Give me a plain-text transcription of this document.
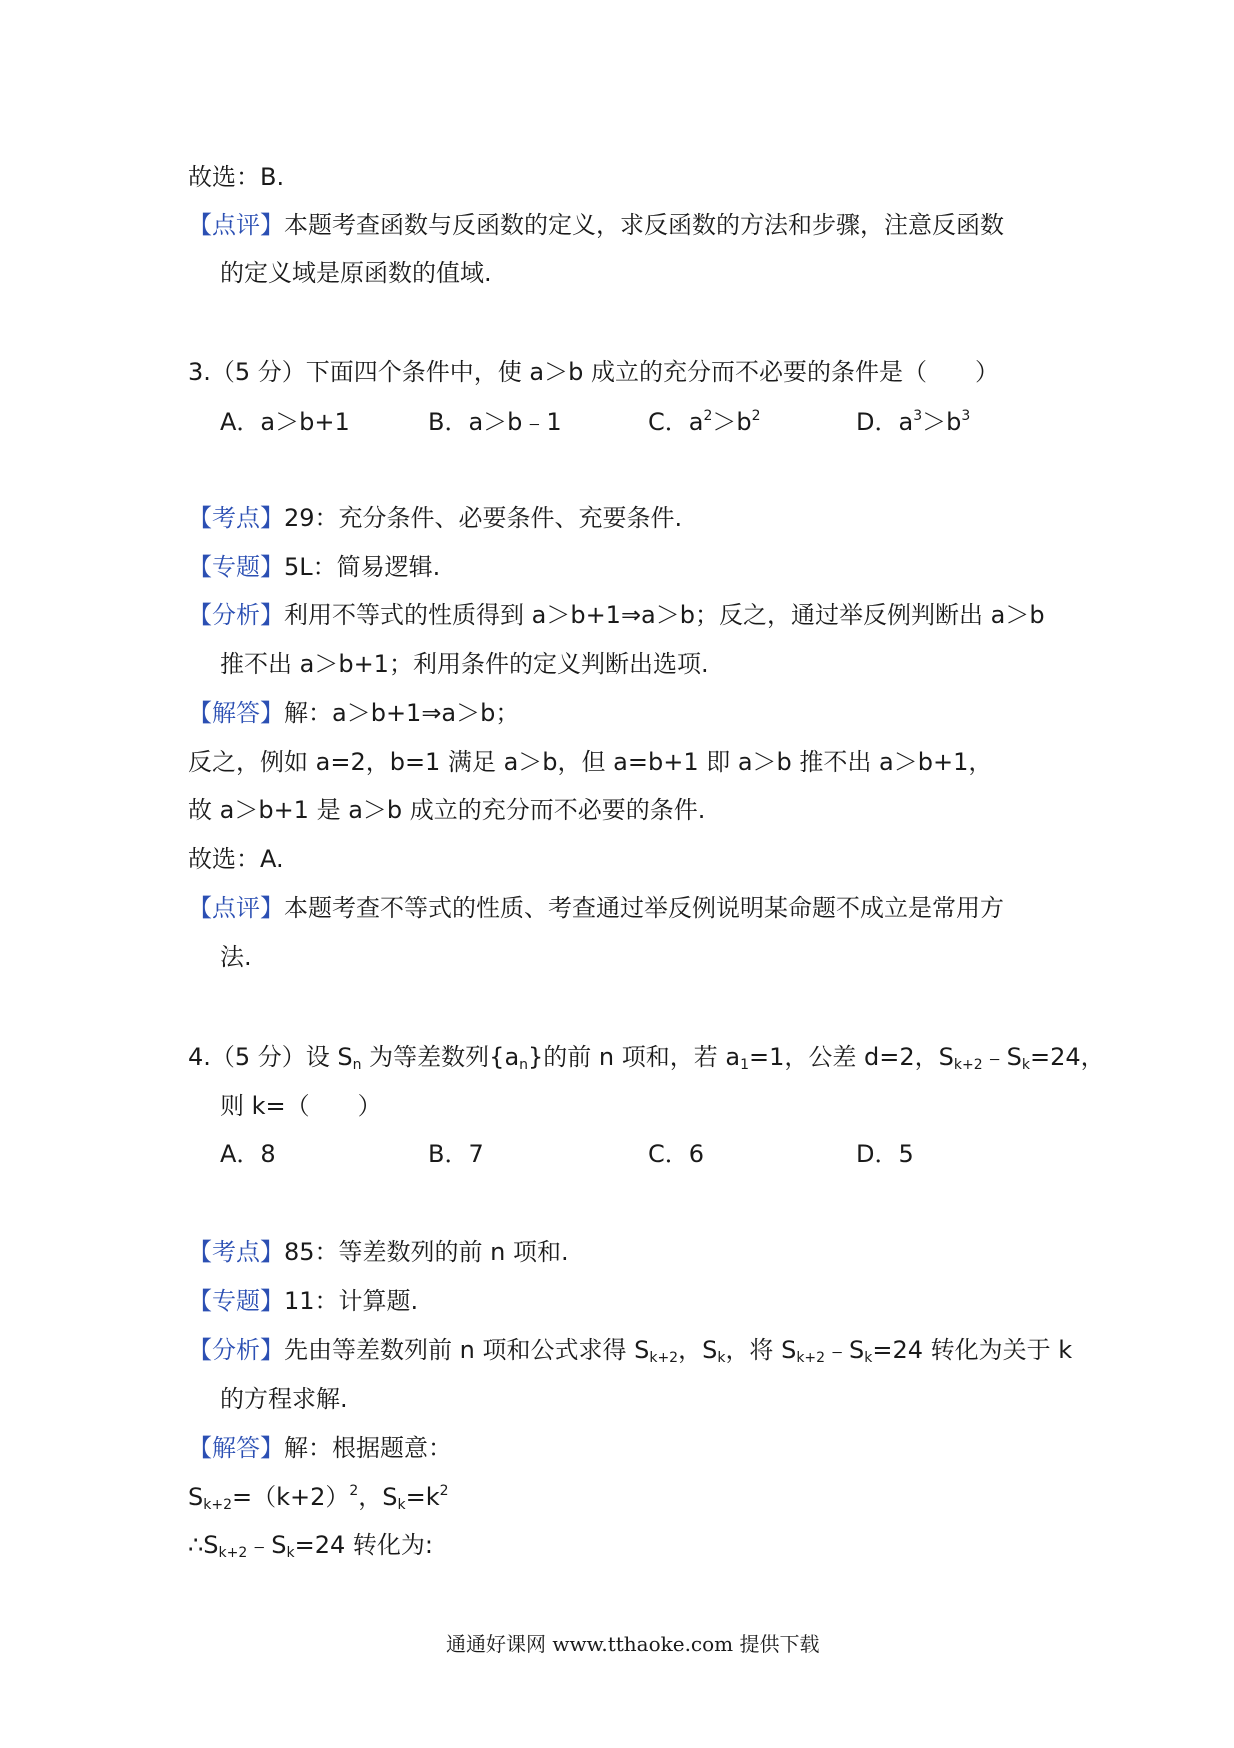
故选：B.
【点评】本题考查函数与反函数的定义，求反函数的方法和步骤，注意反函数
的定义域是原函数的值域.
3.（5 分）下面四个条件中，使 a＞b 成立的充分而不必要的条件是（　　）
A．a＞b+1	B．a＞b﹣1	C．$a^2>b^2$	D．$a^3>b^3$
【考点】29：充分条件、必要条件、充要条件.
【专题】5L：简易逻辑.
【分析】利用不等式的性质得到 a＞b+1⇒a＞b；反之，通过举反例判断出 a＞b
推不出 a＞b+1；利用条件的定义判断出选项.
【解答】解：a＞b+1⇒a＞b；
反之，例如 a=2，b=1 满足 a＞b，但 a=b+1 即 a＞b 推不出 a＞b+1，
故 a＞b+1 是 a＞b 成立的充分而不必要的条件.
故选：A.
【点评】本题考查不等式的性质、考查通过举反例说明某命题不成立是常用方
法.
4.（5 分）设 $S_n$ 为等差数列$\{a_n\}$的前 n 项和，若 $a_1=1$，公差 d=2，$S_{k+2}﹣S_k=24$，
则 k=（　　）
A．8	B．7	C．6	D．5
【考点】85：等差数列的前 n 项和.
【专题】11：计算题.
【分析】先由等差数列前 n 项和公式求得 $S_{k+2}$，$S_k$，将 $S_{k+2}﹣S_k=24$ 转化为关于 k
的方程求解.
【解答】解：根据题意：
$S_{k+2}=(k+2)^2$，$S_k=k^2$
$\therefore S_{k+2}﹣S_k=24$ 转化为:
通通好课网 www.tthaoke.com 提供下载
